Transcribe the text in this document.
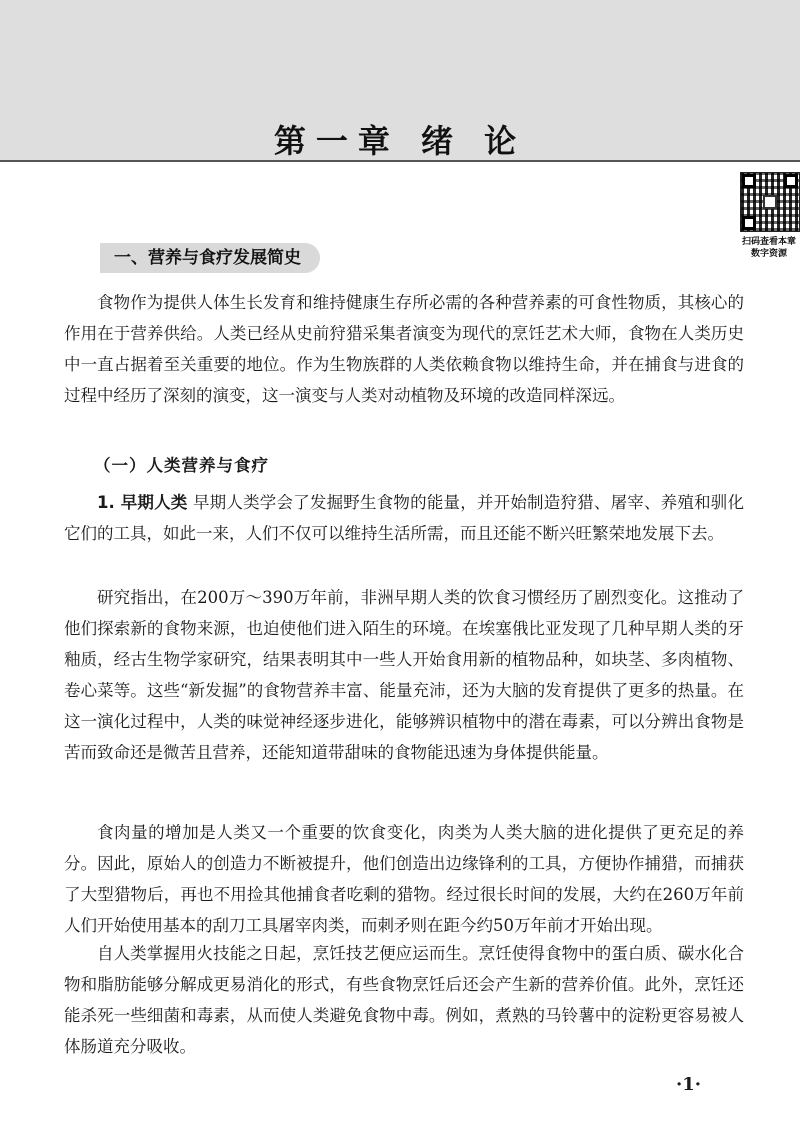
第一章 绪 论
扫码查看本章
数字资源
一、营养与食疗发展简史
食物作为提供人体生长发育和维持健康生存所必需的各种营养素的可食性物质，其核心的作用在于营养供给。人类已经从史前狩猎采集者演变为现代的烹饪艺术大师，食物在人类历史中一直占据着至关重要的地位。作为生物族群的人类依赖食物以维持生命，并在捕食与进食的过程中经历了深刻的演变，这一演变与人类对动植物及环境的改造同样深远。
（一）人类营养与食疗
1. 早期人类 早期人类学会了发掘野生食物的能量，并开始制造狩猎、屠宰、养殖和驯化它们的工具，如此一来，人们不仅可以维持生活所需，而且还能不断兴旺繁荣地发展下去。
研究指出，在200万～390万年前，非洲早期人类的饮食习惯经历了剧烈变化。这推动了他们探索新的食物来源，也迫使他们进入陌生的环境。在埃塞俄比亚发现了几种早期人类的牙釉质，经古生物学家研究，结果表明其中一些人开始食用新的植物品种，如块茎、多肉植物、卷心菜等。这些“新发掘”的食物营养丰富、能量充沛，还为大脑的发育提供了更多的热量。在这一演化过程中，人类的味觉神经逐步进化，能够辨识植物中的潜在毒素，可以分辨出食物是苦而致命还是微苦且营养，还能知道带甜味的食物能迅速为身体提供能量。
食肉量的增加是人类又一个重要的饮食变化，肉类为人类大脑的进化提供了更充足的养分。因此，原始人的创造力不断被提升，他们创造出边缘锋利的工具，方便协作捕猎，而捕获了大型猎物后，再也不用捡其他捕食者吃剩的猎物。经过很长时间的发展，大约在260万年前人们开始使用基本的刮刀工具屠宰肉类，而刺矛则在距今约50万年前才开始出现。
自人类掌握用火技能之日起，烹饪技艺便应运而生。烹饪使得食物中的蛋白质、碳水化合物和脂肪能够分解成更易消化的形式，有些食物烹饪后还会产生新的营养价值。此外，烹饪还能杀死一些细菌和毒素，从而使人类避免食物中毒。例如，煮熟的马铃薯中的淀粉更容易被人体肠道充分吸收。
·1·
